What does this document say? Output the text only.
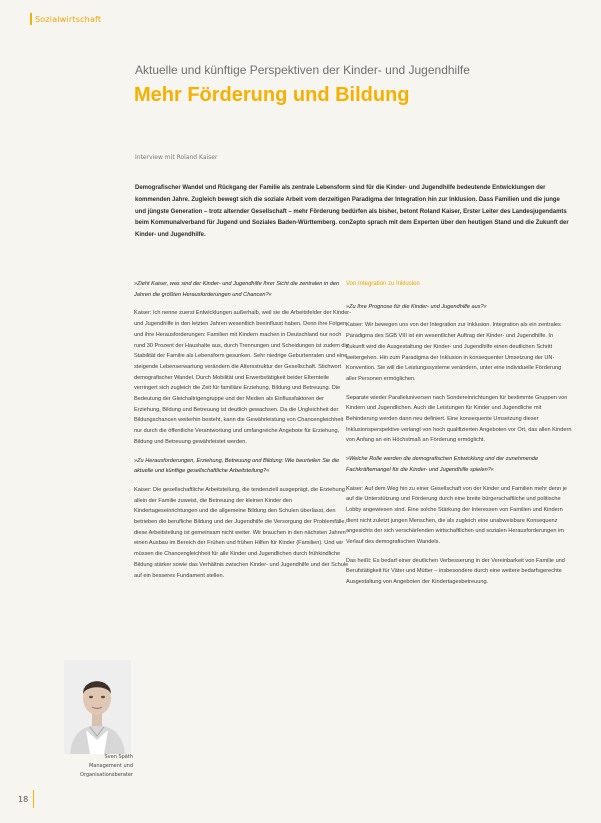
Sozialwirtschaft
Aktuelle und künftige Perspektiven der Kinder- und Jugendhilfe
Mehr Förderung und Bildung
Interview mit Roland Kaiser
Demografischer Wandel und Rückgang der Familie als zentrale Lebensform sind für die Kinder- und Jugendhilfe bedeutende Entwicklungen der kommenden Jahre. Zugleich bewegt sich die soziale Arbeit vom derzeitigen Paradigma der Integration hin zur Inklusion. Dass Familien und die junge und jüngste Generation – trotz alternder Gesellschaft – mehr Förderung bedürfen als bisher, betont Roland Kaiser, Erster Leiter des Landesjugendamts beim Kommunalverband für Jugend und Soziales Baden-Württemberg. conZepto sprach mit dem Experten über den heutigen Stand und die Zukunft der Kinder- und Jugendhilfe.

»Zieht Kaiser, was sind der Kinder- und Jugendhilfe Ihrer Sicht die zentralen in den Jahren die größten Herausforderungen und Chancen?«

Kaiser: Ich nenne zuerst Entwicklungen außerhalb, weil sie die Arbeitsfelder der Kinder- und Jugendhilfe in den letzten Jahren wesentlich beeinflusst haben. Denn ihre Folgen und ihre Herausforderungen: Familien mit Kindern machen in Deutschland nur noch rund 30 Prozent der Haushalte aus, durch Trennungen und Scheidungen ist zudem die Stabilität der Familie als Lebensform gesunken. Sehr niedrige Geburtenraten und eine steigende Lebenserwartung verändern die Altersstruktur der Gesellschaft. Stichwort demografischer Wandel. Durch Mobilität und Erwerbstätigkeit beider Elternteile verringert sich zugleich die Zeit für familiäre Erziehung, Bildung und Betreuung. Die Bedeutung der Gleichaltrigengruppe und der Medien als Einflussfaktoren der Erziehung, Bildung und Betreuung ist deutlich gewachsen. Da die Ungleichheit der Bildungschancen weiterhin besteht, kann die Gewährleistung von Chancengleichheit nur durch die öffentliche Verantwortung und umfangreiche Angebote für Erziehung, Bildung und Betreuung gewährleistet werden.

»Zu Herausforderungen, Erziehung, Betreuung und Bildung: Wie beurteilen Sie die aktuelle und künftige gesellschaftliche Arbeitsteilung?«

Kaiser: Die gesellschaftliche Arbeitsteilung, die tendenziell ausgeprägt, die Erziehung allein der Familie zuweist, die Betreuung der kleinen Kinder den Kindertageseinrichtungen und die allgemeine Bildung den Schulen überlässt, den betrieben die berufliche Bildung und der Jugendhilfe die Versorgung der Problemfälle, diese Arbeitsteilung ist gemeinsam nicht weiter. Wir brauchen in den nächsten Jahren einen Ausbau im Bereich der Frühen und frühen Hilfen für Kinder (Familien). Und wir müssen die Chancengleichheit für alle Kinder und Jugendlichen durch frühkindliche Bildung stärker sowie das Verhältnis zwischen Kinder- und Jugendhilfe und der Schule auf ein besseres Fundament stellen.

Von Integration zu Inklusion

»Zu Ihre Prognose für die Kinder- und Jugendhilfe aus?«

Kaiser: Wir bewegen uns von der Integration zur Inklusion. Integration als ein zentrales Paradigma des SGB VIII ist ein wesentlicher Auftrag der Kinder- und Jugendhilfe. In Zukunft wird die Ausgestaltung der Kinder- und Jugendhilfe einen deutlichen Schritt weitergehen. Hin zum Paradigma der Inklusion in konsequenter Umsetzung der UN-Konvention. Sie will die Leistungssysteme verändern, unter eine individuelle Förderung aller Personen ermöglichen.

Separate wieder Paralleluniversen nach Sondereinrichtungen für bestimmte Gruppen von Kindern und Jugendlichen. Auch die Leistungen für Kinder und Jugendliche mit Behinderung werden dann neu definiert. Eine konsequente Umsetzung dieser Inklusionsperspektive verlangt von hoch qualifizierten Angeboten vor Ort, das allen Kindern von Anfang an ein Höchstmaß an Förderung ermöglicht.

»Welche Rolle werden die demografischen Entwicklung und der zunehmende Fachkräftemangel für die Kinder- und Jugendhilfe spielen?«

Kaiser: Auf dem Weg hin zu einer Gesellschaft von der Kinder und Familien mehr denn je auf die Unterstützung und Förderung durch eine breite bürgerschaftliche und politische Lobby angewiesen sind. Eine solche Stärkung der Interessen von Familien und Kindern dient nicht zuletzt jungen Menschen, die als zugleich eine unabweisbare Konsequenz angesichts der sich verschärfenden wirtschaftlichen und sozialen Herausforderungen im Verlauf des demografischen Wandels.

Das heißt: Es bedarf einer deutlichen Verbesserung in der Vereinbarkeit von Familie und Berufstätigkeit für Väter und Mütter – insbesondere durch eine weitere bedarfsgerechte Ausgestaltung von Angeboten der Kindertagesbetreuung.

Sven Späth
Management und Organisationsberater
18
